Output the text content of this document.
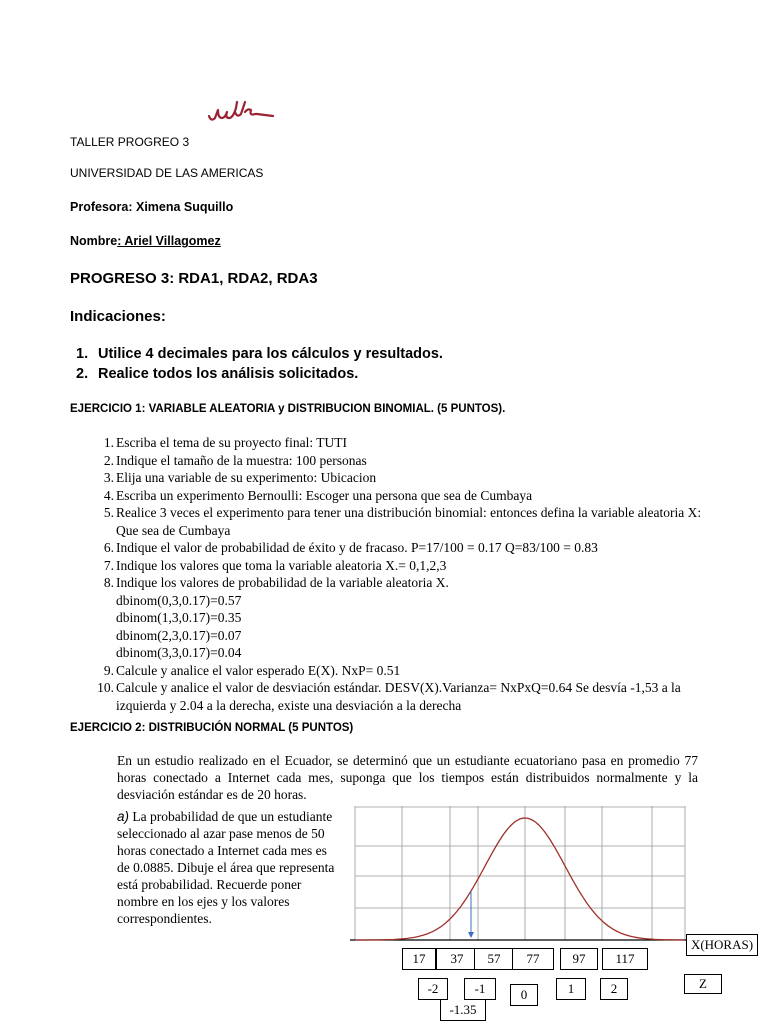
TALLER PROGREO 3
UNIVERSIDAD DE LAS AMERICAS
Profesora: Ximena Suquillo
Nombre: Ariel Villagomez
PROGRESO 3: RDA1, RDA2, RDA3
Indicaciones:
1. Utilice 4 decimales para los cálculos y resultados.
2. Realice todos los análisis solicitados.
EJERCICIO 1: VARIABLE ALEATORIA y DISTRIBUCION BINOMIAL. (5 PUNTOS).
1. Escriba el tema de su proyecto final: TUTI
2. Indique el tamaño de la muestra: 100 personas
3. Elija una variable de su experimento: Ubicacion
4. Escriba un experimento Bernoulli: Escoger una persona que sea de Cumbaya
5. Realice 3 veces el experimento para tener una distribución binomial: entonces defina la variable aleatoria X: Que sea de Cumbaya
6. Indique el valor de probabilidad de éxito y de fracaso. P=17/100 = 0.17 Q=83/100 = 0.83
7. Indique los valores que toma la variable aleatoria X.= 0,1,2,3
8. Indique los valores de probabilidad de la variable aleatoria X.
dbinom(0,3,0.17)=0.57
dbinom(1,3,0.17)=0.35
dbinom(2,3,0.17)=0.07
dbinom(3,3,0.17)=0.04
9. Calcule y analice el valor esperado E(X). NxP= 0.51
10. Calcule y analice el valor de desviación estándar. DESV(X).Varianza= NxPxQ=0.64 Se desvía -1,53 a la izquierda y 2.04 a la derecha, existe una desviación a la derecha
EJERCICIO 2: DISTRIBUCIÓN NORMAL (5 PUNTOS)
En un estudio realizado en el Ecuador, se determinó que un estudiante ecuatoriano pasa en promedio 77 horas conectado a Internet cada mes, suponga que los tiempos están distribuidos normalmente y la desviación estándar es de 20 horas.
a) La probabilidad de que un estudiante seleccionado al azar pase menos de 50 horas conectado a Internet cada mes es de 0.0885. Dibuje el área que representa está probabilidad. Recuerde poner nombre en los ejes y los valores correspondientes.
X(HORAS)
Z
17	37	57	77	97	117
-2	-1	0	1	2
-1.35
